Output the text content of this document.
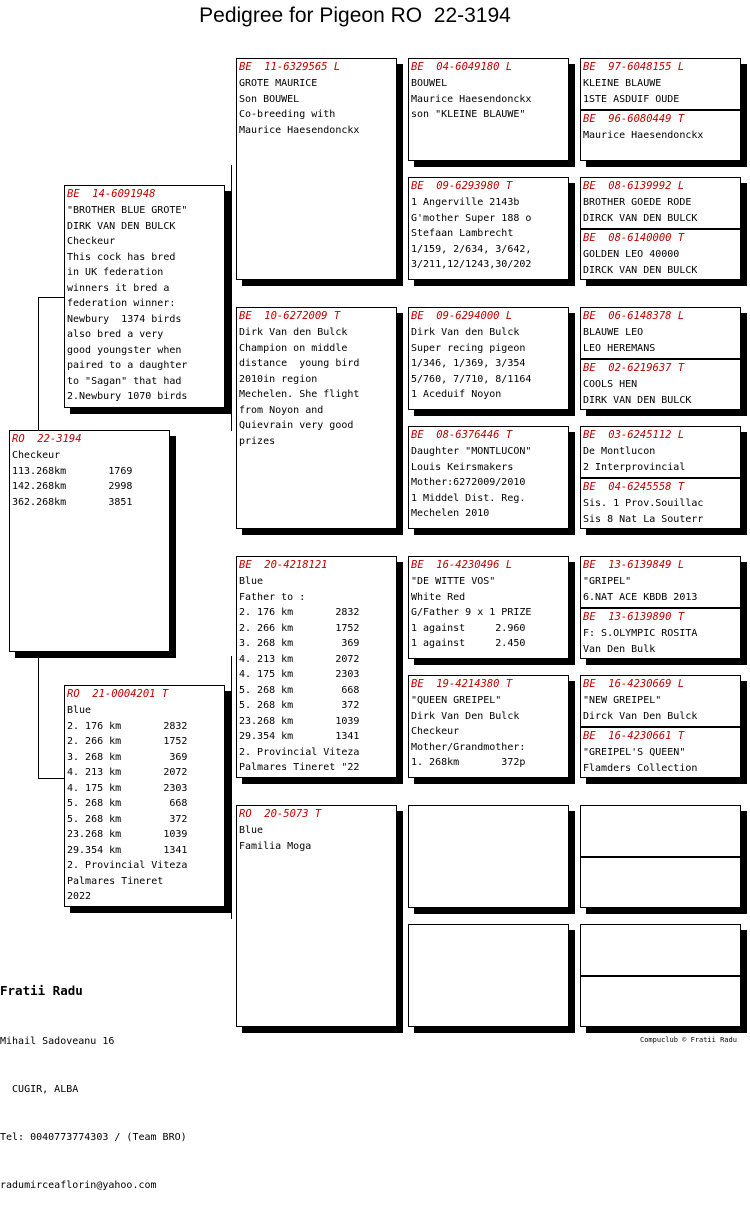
Pedigree for Pigeon RO  22-3194
RO  22-3194
Checkeur
113.268km       1769
142.268km       2998
362.268km       3851
BE  14-6091948
"BROTHER BLUE GROTE"
DIRK VAN DEN BULCK
Checkeur
This cock has bred
in UK federation
winners it bred a
federation winner:
Newbury  1374 birds
also bred a very
good youngster when
paired to a daughter
to "Sagan" that had
2.Newbury 1070 birds
RO  21-0004201 T
Blue
2. 176 km       2832
2. 266 km       1752
3. 268 km        369
4. 213 km       2072
4. 175 km       2303
5. 268 km        668
5. 268 km        372
23.268 km       1039
29.354 km       1341
2. Provincial Viteza
Palmares Tineret
2022
BE  11-6329565 L
GROTE MAURICE
Son BOUWEL
Co-breeding with
Maurice Haesendonckx
BE  10-6272009 T
Dirk Van den Bulck
Champion on middle
distance  young bird
2010in region
Mechelen. She flight
from Noyon and
Quievrain very good
prizes
BE  20-4218121
Blue
Father to :
2. 176 km       2832
2. 266 km       1752
3. 268 km        369
4. 213 km       2072
4. 175 km       2303
5. 268 km        668
5. 268 km        372
23.268 km       1039
29.354 km       1341
2. Provincial Viteza
Palmares Tineret "22
RO  20-5073 T
Blue
Familia Moga
BE  04-6049180 L
BOUWEL
Maurice Haesendonckx
son "KLEINE BLAUWE"
BE  09-6293980 T
1 Angerville 2143b
G'mother Super 188 o
Stefaan Lambrecht
1/159, 2/634, 3/642,
3/211,12/1243,30/202
BE  09-6294000 L
Dirk Van den Bulck
Super recing pigeon
1/346, 1/369, 3/354
5/760, 7/710, 8/1164
1 Aceduif Noyon
BE  08-6376446 T
Daughter "MONTLUCON"
Louis Keirsmakers
Mother:6272009/2010
1 Middel Dist. Reg.
Mechelen 2010
BE  16-4230496 L
"DE WITTE VOS"
White Red
G/Father 9 x 1 PRIZE
1 against     2.960
1 against     2.450
BE  19-4214380 T
"QUEEN GREIPEL"
Dirk Van Den Bulck
Checkeur
Mother/Grandmother:
1. 268km       372p
BE  97-6048155 L
KLEINE BLAUWE
1STE ASDUIF OUDE
BE  96-6080449 T
Maurice Haesendonckx
BE  08-6139992 L
BROTHER GOEDE RODE
DIRCK VAN DEN BULCK
BE  08-6140000 T
GOLDEN LEO 40000
DIRCK VAN DEN BULCK
BE  06-6148378 L
BLAUWE LEO
LEO HEREMANS
BE  02-6219637 T
COOLS HEN
DIRK VAN DEN BULCK
BE  03-6245112 L
De Montlucon
2 Interprovincial
BE  04-6245558 T
Sis. 1 Prov.Souillac
Sis 8 Nat La Souterr
BE  13-6139849 L
"GRIPEL"
6.NAT ACE KBDB 2013
BE  13-6139890 T
F: S.OLYMPIC ROSITA
Van Den Bulk
BE  16-4230669 L
"NEW GREIPEL"
Dirck Van Den Bulck
BE  16-4230661 T
"GREIPEL'S QUEEN"
Flamders Collection

Fratii Radu

Mihail Sadoveanu 16

CUGIR, ALBA

Tel: 0040773774303 / (Team BRO)

radumirceaflorin@yahoo.com

Compuclub © Fratii Radu
